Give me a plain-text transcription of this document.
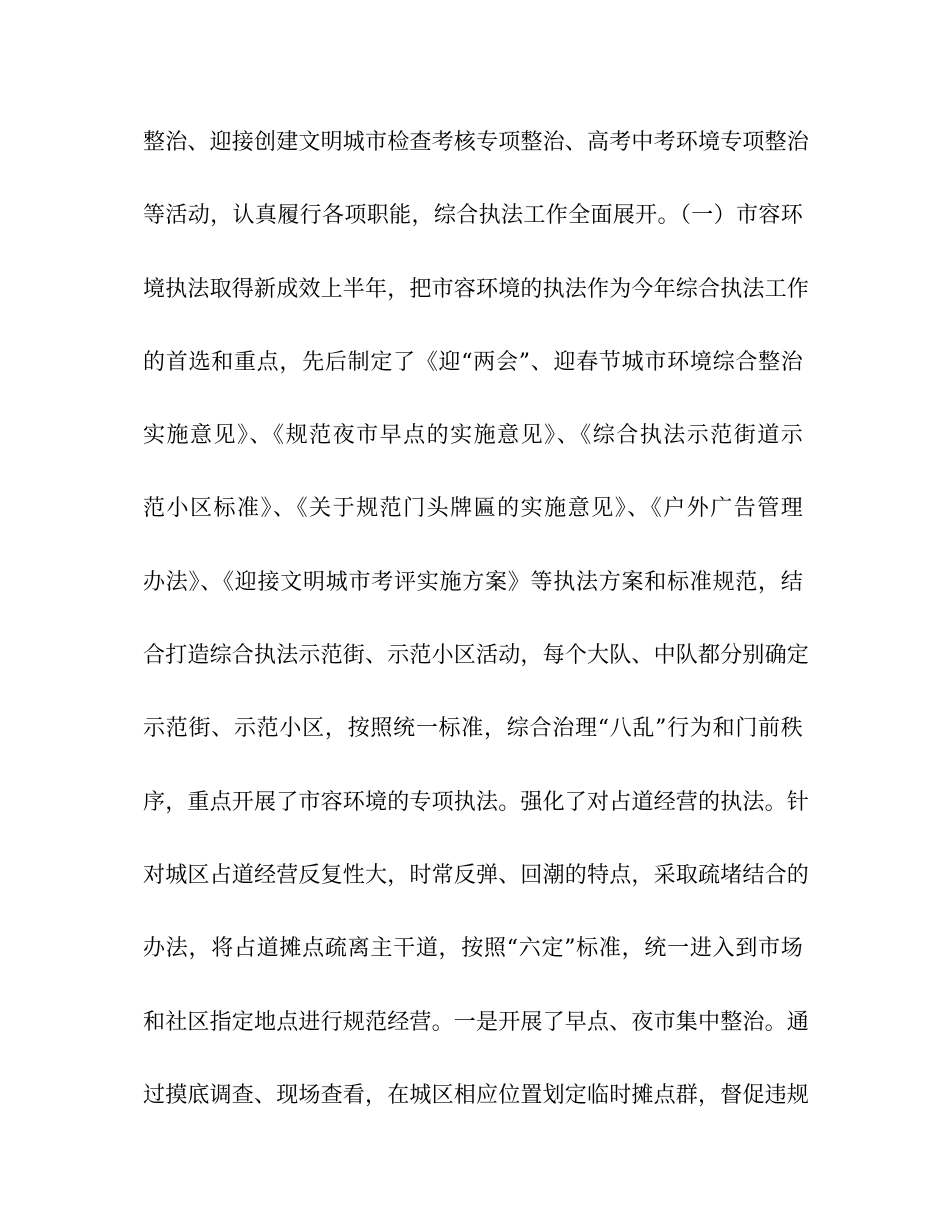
整治、迎接创建文明城市检查考核专项整治、高考中考环境专项整治
等活动，认真履行各项职能，综合执法工作全面展开。（一）市容环
境执法取得新成效上半年，把市容环境的执法作为今年综合执法工作
的首选和重点，先后制定了《迎“两会”、迎春节城市环境综合整治
实施意见》、《规范夜市早点的实施意见》、《综合执法示范街道示
范小区标准》、《关于规范门头牌匾的实施意见》、《户外广告管理
办法》、《迎接文明城市考评实施方案》等执法方案和标准规范，结
合打造综合执法示范街、示范小区活动，每个大队、中队都分别确定
示范街、示范小区，按照统一标准，综合治理“八乱”行为和门前秩
序，重点开展了市容环境的专项执法。强化了对占道经营的执法。针
对城区占道经营反复性大，时常反弹、回潮的特点，采取疏堵结合的
办法，将占道摊点疏离主干道，按照“六定”标准，统一进入到市场
和社区指定地点进行规范经营。一是开展了早点、夜市集中整治。通
过摸底调查、现场查看，在城区相应位置划定临时摊点群，督促违规
